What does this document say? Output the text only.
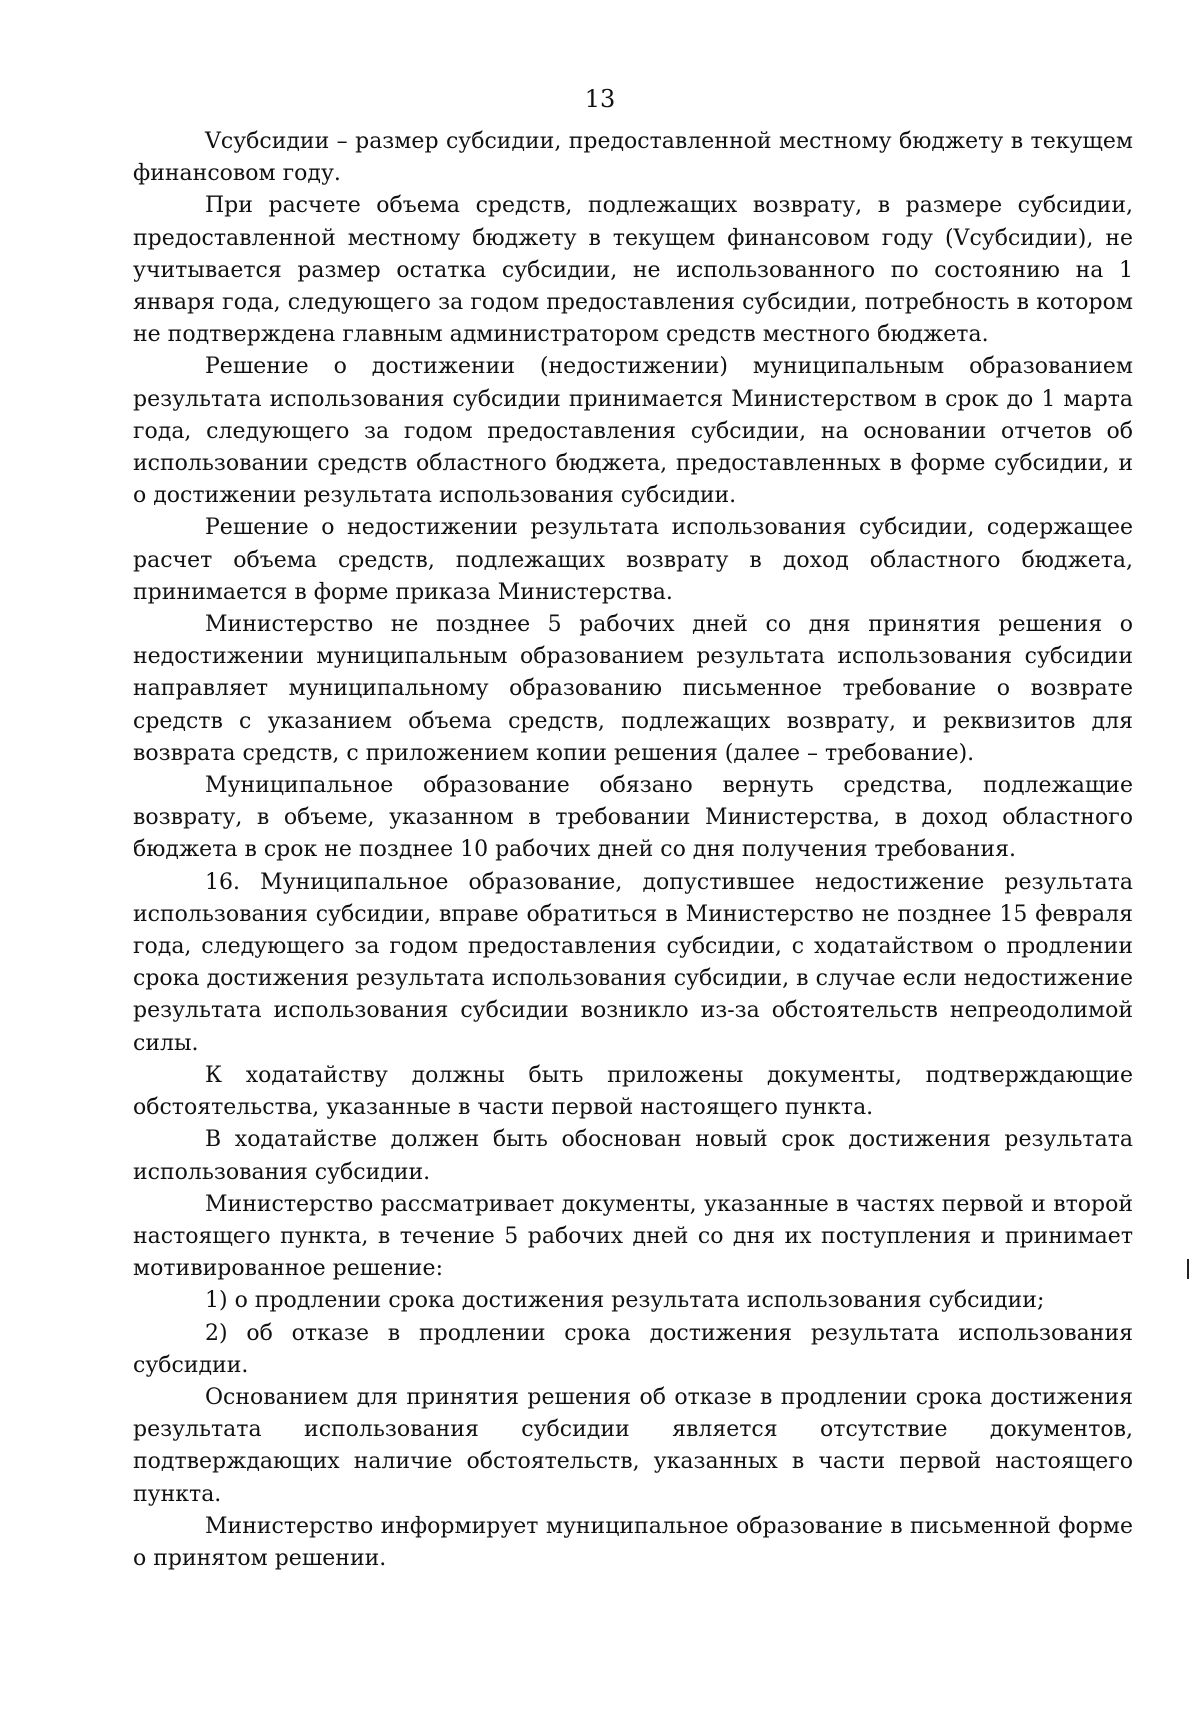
13

Vсубсидии – размер субсидии, предоставленной местному бюджету в текущем финансовом году.

При расчете объема средств, подлежащих возврату, в размере субсидии, предоставленной местному бюджету в текущем финансовом году (Vсубсидии), не учитывается размер остатка субсидии, не использованного по состоянию на 1 января года, следующего за годом предоставления субсидии, потребность в котором не подтверждена главным администратором средств местного бюджета.

Решение о достижении (недостижении) муниципальным образованием результата использования субсидии принимается Министерством в срок до 1 марта года, следующего за годом предоставления субсидии, на основании отчетов об использовании средств областного бюджета, предоставленных в форме субсидии, и о достижении результата использования субсидии.

Решение о недостижении результата использования субсидии, содержащее расчет объема средств, подлежащих возврату в доход областного бюджета, принимается в форме приказа Министерства.

Министерство не позднее 5 рабочих дней со дня принятия решения о недостижении муниципальным образованием результата использования субсидии направляет муниципальному образованию письменное требование о возврате средств с указанием объема средств, подлежащих возврату, и реквизитов для возврата средств, с приложением копии решения (далее – требование).

Муниципальное образование обязано вернуть средства, подлежащие возврату, в объеме, указанном в требовании Министерства, в доход областного бюджета в срок не позднее 10 рабочих дней со дня получения требования.

16. Муниципальное образование, допустившее недостижение результата использования субсидии, вправе обратиться в Министерство не позднее 15 февраля года, следующего за годом предоставления субсидии, с ходатайством о продлении срока достижения результата использования субсидии, в случае если недостижение результата использования субсидии возникло из-за обстоятельств непреодолимой силы.

К ходатайству должны быть приложены документы, подтверждающие обстоятельства, указанные в части первой настоящего пункта.

В ходатайстве должен быть обоснован новый срок достижения результата использования субсидии.

Министерство рассматривает документы, указанные в частях первой и второй настоящего пункта, в течение 5 рабочих дней со дня их поступления и принимает мотивированное решение:

1) о продлении срока достижения результата использования субсидии;

2) об отказе в продлении срока достижения результата использования субсидии.

Основанием для принятия решения об отказе в продлении срока достижения результата использования субсидии является отсутствие документов, подтверждающих наличие обстоятельств, указанных в части первой настоящего пункта.

Министерство информирует муниципальное образование в письменной форме о принятом решении.
